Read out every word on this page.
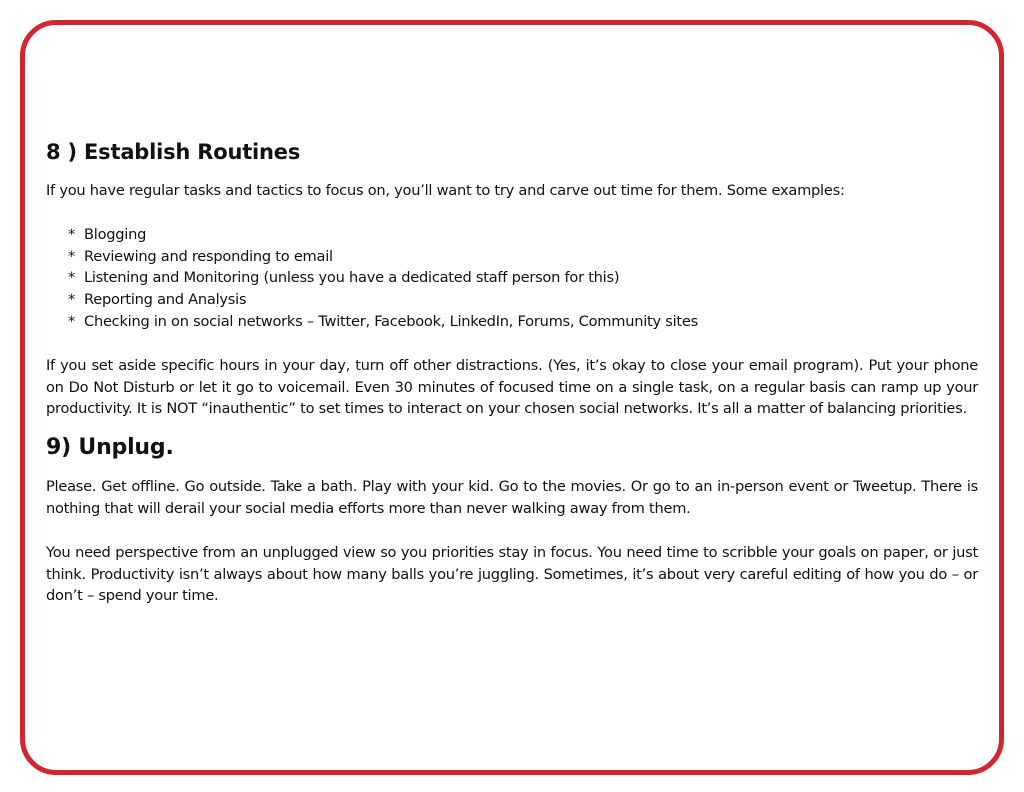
8 ) Establish Routines

If you have regular tasks and tactics to focus on, you’ll want to try and carve out time for them. Some examples:

* Blogging
* Reviewing and responding to email
* Listening and Monitoring (unless you have a dedicated staff person for this)
* Reporting and Analysis
* Checking in on social networks – Twitter, Facebook, LinkedIn, Forums, Community sites

If you set aside specific hours in your day, turn off other distractions. (Yes, it’s okay to close your email program). Put your phone on Do Not Disturb or let it go to voicemail. Even 30 minutes of focused time on a single task, on a regular basis can ramp up your productivity. It is NOT “inauthentic” to set times to interact on your chosen social networks. It’s all a matter of balancing priorities.

9) Unplug.

Please. Get offline. Go outside. Take a bath. Play with your kid. Go to the movies. Or go to an in-person event or Tweetup. There is nothing that will derail your social media efforts more than never walking away from them.

You need perspective from an unplugged view so you priorities stay in focus. You need time to scribble your goals on paper, or just think. Productivity isn’t always about how many balls you’re juggling. Sometimes, it’s about very careful editing of how you do – or don’t – spend your time.
